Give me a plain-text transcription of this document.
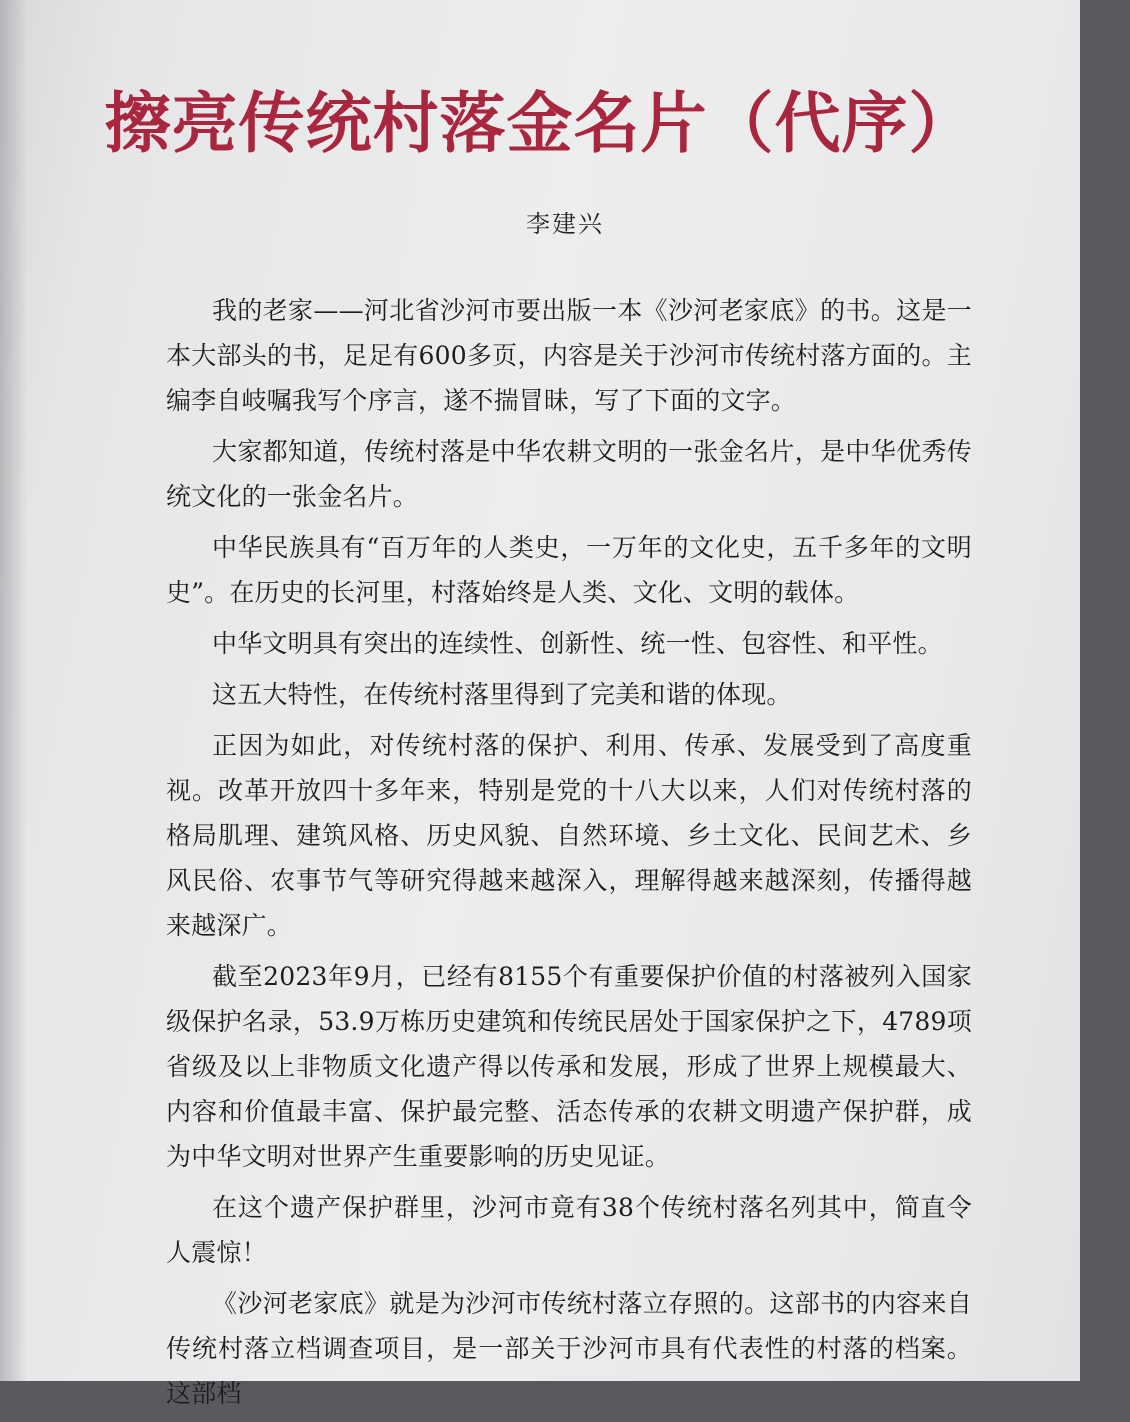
擦亮传统村落金名片（代序）
李建兴

我的老家——河北省沙河市要出版一本《沙河老家底》的书。这是一本大部头的书，足足有600多页，内容是关于沙河市传统村落方面的。主编李自岐嘱我写个序言，遂不揣冒昧，写了下面的文字。

大家都知道，传统村落是中华农耕文明的一张金名片，是中华优秀传统文化的一张金名片。

中华民族具有“百万年的人类史，一万年的文化史，五千多年的文明史”。在历史的长河里，村落始终是人类、文化、文明的载体。

中华文明具有突出的连续性、创新性、统一性、包容性、和平性。

这五大特性，在传统村落里得到了完美和谐的体现。

正因为如此，对传统村落的保护、利用、传承、发展受到了高度重视。改革开放四十多年来，特别是党的十八大以来，人们对传统村落的格局肌理、建筑风格、历史风貌、自然环境、乡土文化、民间艺术、乡风民俗、农事节气等研究得越来越深入，理解得越来越深刻，传播得越来越深广。

截至2023年9月，已经有8155个有重要保护价值的村落被列入国家级保护名录，53.9万栋历史建筑和传统民居处于国家保护之下，4789项省级及以上非物质文化遗产得以传承和发展，形成了世界上规模最大、内容和价值最丰富、保护最完整、活态传承的农耕文明遗产保护群，成为中华文明对世界产生重要影响的历史见证。

在这个遗产保护群里，沙河市竟有38个传统村落名列其中，简直令人震惊！

《沙河老家底》就是为沙河市传统村落立存照的。这部书的内容来自传统村落立档调查项目，是一部关于沙河市具有代表性的村落的档案。这部档
